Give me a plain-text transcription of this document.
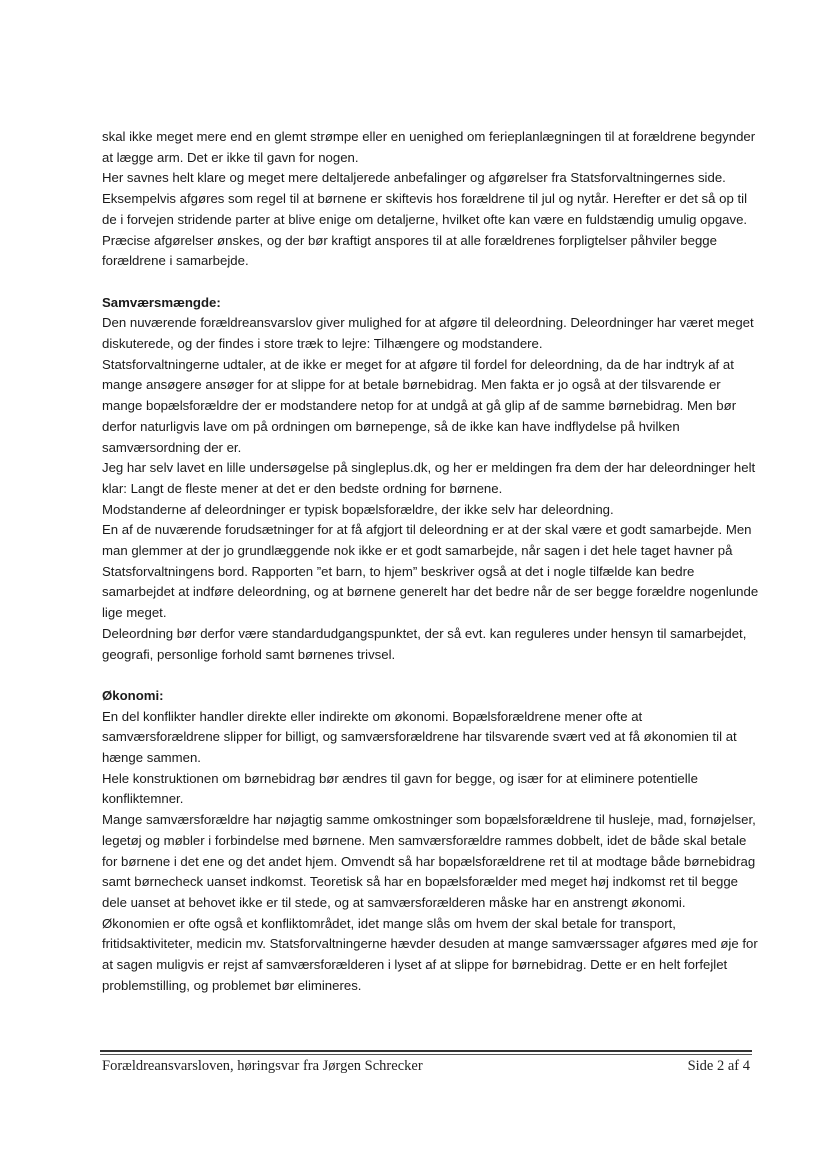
skal ikke meget mere end en glemt strømpe eller en uenighed om ferieplanlægningen til at forældrene begynder at lægge arm. Det er ikke til gavn for nogen.

Her savnes helt klare og meget mere deltaljerede anbefalinger og afgørelser fra Statsforvaltningernes side. Eksempelvis afgøres som regel til at børnene er skiftevis hos forældrene til jul og nytår. Herefter er det så op til de i forvejen stridende parter at blive enige om detaljerne, hvilket ofte kan være en fuldstændig umulig opgave. Præcise afgørelser ønskes, og der bør kraftigt anspores til at alle forældrenes forpligtelser påhviler begge forældrene i samarbejde.

Samværsmængde:

Den nuværende forældreansvarslov giver mulighed for at afgøre til deleordning. Deleordninger har været meget diskuterede, og der findes i store træk to lejre: Tilhængere og modstandere.

Statsforvaltningerne udtaler, at de ikke er meget for at afgøre til fordel for deleordning, da de har indtryk af at mange ansøgere ansøger for at slippe for at betale børnebidrag. Men fakta er jo også at der tilsvarende er mange bopælsforældre der er modstandere netop for at undgå at gå glip af de samme børnebidrag. Men bør derfor naturligvis lave om på ordningen om børnepenge, så de ikke kan have indflydelse på hvilken samværsordning der er.

Jeg har selv lavet en lille undersøgelse på singleplus.dk, og her er meldingen fra dem der har deleordninger helt klar: Langt de fleste mener at det er den bedste ordning for børnene.

Modstanderne af deleordninger er typisk bopælsforældre, der ikke selv har deleordning.

En af de nuværende forudsætninger for at få afgjort til deleordning er at der skal være et godt samarbejde. Men man glemmer at der jo grundlæggende nok ikke er et godt samarbejde, når sagen i det hele taget havner på Statsforvaltningens bord. Rapporten ”et barn, to hjem” beskriver også at det i nogle tilfælde kan bedre samarbejdet at indføre deleordning, og at børnene generelt har det bedre når de ser begge forældre nogenlunde lige meget.

Deleordning bør derfor være standardudgangspunktet, der så evt. kan reguleres under hensyn til samarbejdet, geografi, personlige forhold samt børnenes trivsel.

Økonomi:

En del konflikter handler direkte eller indirekte om økonomi. Bopælsforældrene mener ofte at samværsforældrene slipper for billigt, og samværsforældrene har tilsvarende svært ved at få økonomien til at hænge sammen.

Hele konstruktionen om børnebidrag bør ændres til gavn for begge, og især for at eliminere potentielle konfliktemner.

Mange samværsforældre har nøjagtig samme omkostninger som bopælsforældrene til husleje, mad, fornøjelser, legetøj og møbler i forbindelse med børnene. Men samværsforældre rammes dobbelt, idet de både skal betale for børnene i det ene og det andet hjem. Omvendt så har bopælsforældrene ret til at modtage både børnebidrag samt børnecheck uanset indkomst. Teoretisk så har en bopælsforælder med meget høj indkomst ret til begge dele uanset at behovet ikke er til stede, og at samværsforælderen måske har en anstrengt økonomi.

Økonomien er ofte også et konfliktområdet, idet mange slås om hvem der skal betale for transport, fritidsaktiviteter, medicin mv. Statsforvaltningerne hævder desuden at mange samværssager afgøres med øje for at sagen muligvis er rejst af samværsforælderen i lyset af at slippe for børnebidrag. Dette er en helt forfejlet problemstilling, og problemet bør elimineres.

Forældreansvarsloven, høringsvar fra Jørgen Schrecker	Side 2 af 4
